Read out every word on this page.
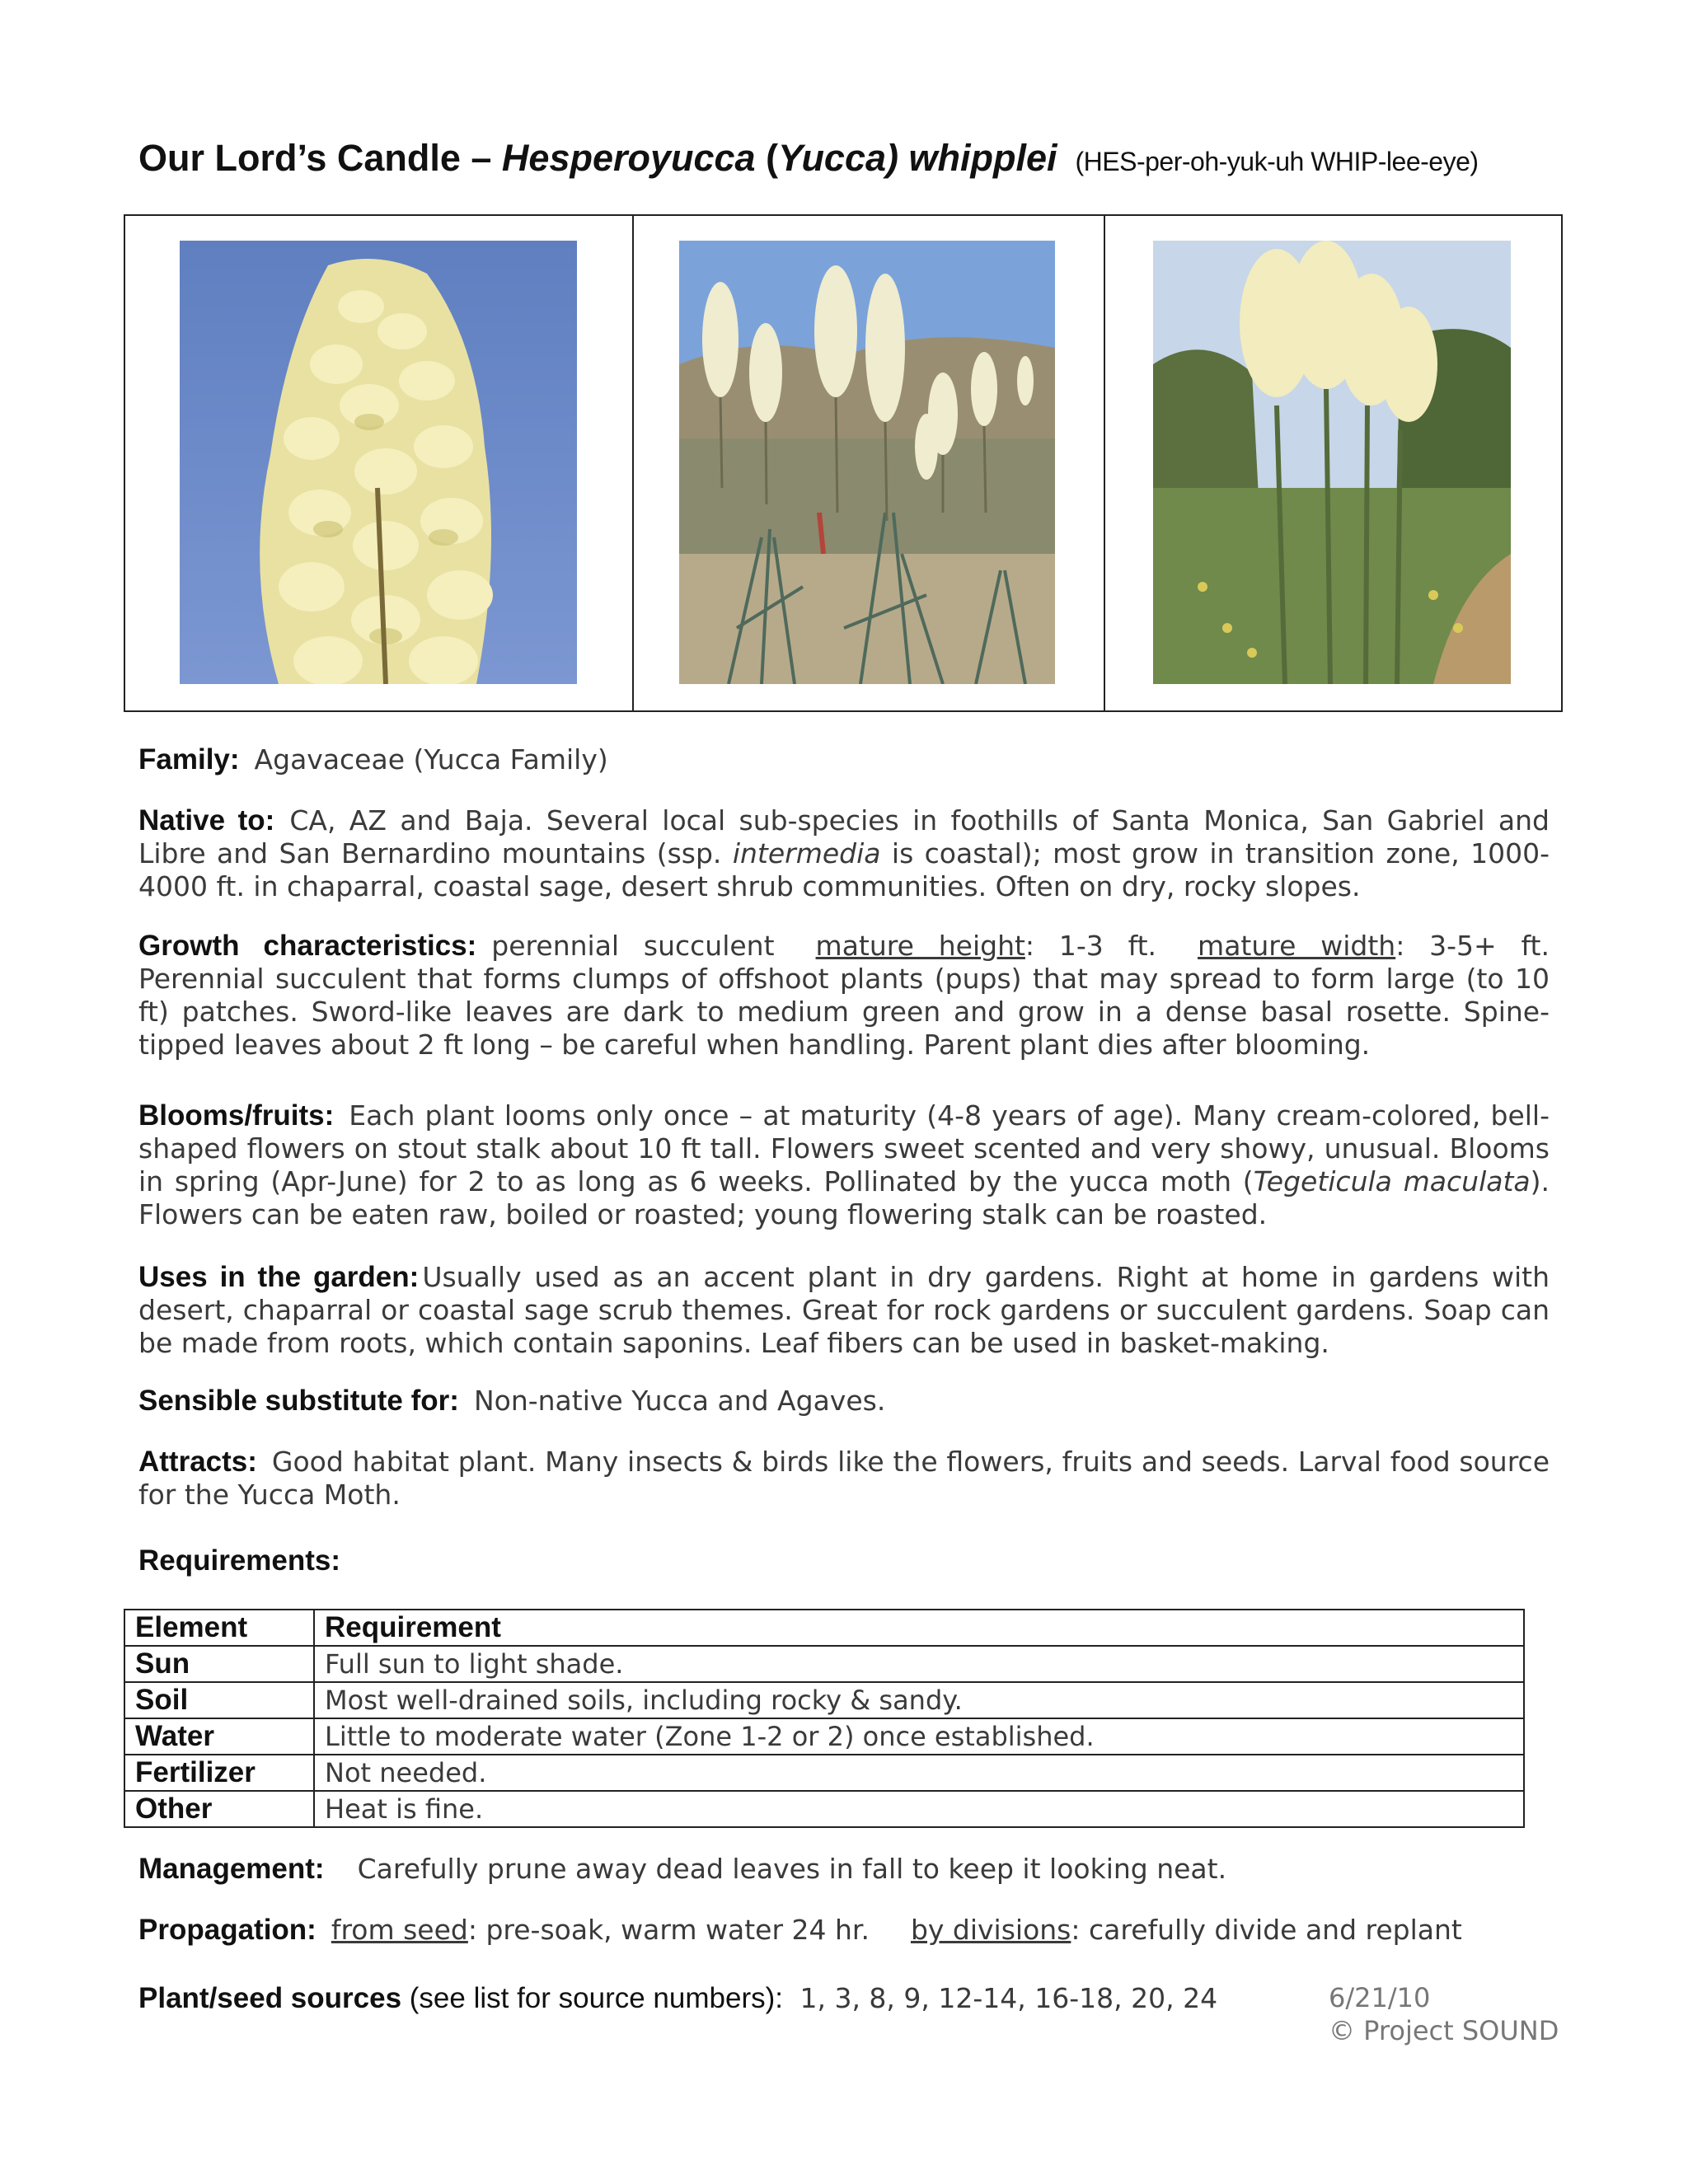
Our Lord’s Candle – Hesperoyucca (Yucca) whipplei (HES-per-oh-yuk-uh WHIP-lee-eye)
Family: Agavaceae (Yucca Family)
Native to: CA, AZ and Baja. Several local sub-species in foothills of Santa Monica, San Gabriel and Libre and San Bernardino mountains (ssp. intermedia is coastal); most grow in transition zone, 1000-4000 ft. in chaparral, coastal sage, desert shrub communities. Often on dry, rocky slopes.
Growth characteristics: perennial succulent mature height: 1-3 ft. mature width: 3-5+ ft. Perennial succulent that forms clumps of offshoot plants (pups) that may spread to form large (to 10 ft) patches. Sword-like leaves are dark to medium green and grow in a dense basal rosette. Spine-tipped leaves about 2 ft long – be careful when handling. Parent plant dies after blooming.
Blooms/fruits: Each plant looms only once – at maturity (4-8 years of age). Many cream-colored, bell-shaped flowers on stout stalk about 10 ft tall. Flowers sweet scented and very showy, unusual. Blooms in spring (Apr-June) for 2 to as long as 6 weeks. Pollinated by the yucca moth (Tegeticula maculata). Flowers can be eaten raw, boiled or roasted; young flowering stalk can be roasted.
Uses in the garden: Usually used as an accent plant in dry gardens. Right at home in gardens with desert, chaparral or coastal sage scrub themes. Great for rock gardens or succulent gardens. Soap can be made from roots, which contain saponins. Leaf fibers can be used in basket-making.
Sensible substitute for: Non-native Yucca and Agaves.
Attracts: Good habitat plant. Many insects & birds like the flowers, fruits and seeds. Larval food source for the Yucca Moth.
Requirements:
Element	Requirement
Sun	Full sun to light shade.
Soil	Most well-drained soils, including rocky & sandy.
Water	Little to moderate water (Zone 1-2 or 2) once established.
Fertilizer	Not needed.
Other	Heat is fine.
Management: Carefully prune away dead leaves in fall to keep it looking neat.
Propagation: from seed: pre-soak, warm water 24 hr. by divisions: carefully divide and replant
Plant/seed sources (see list for source numbers): 1, 3, 8, 9, 12-14, 16-18, 20, 24	6/21/10
© Project SOUND
